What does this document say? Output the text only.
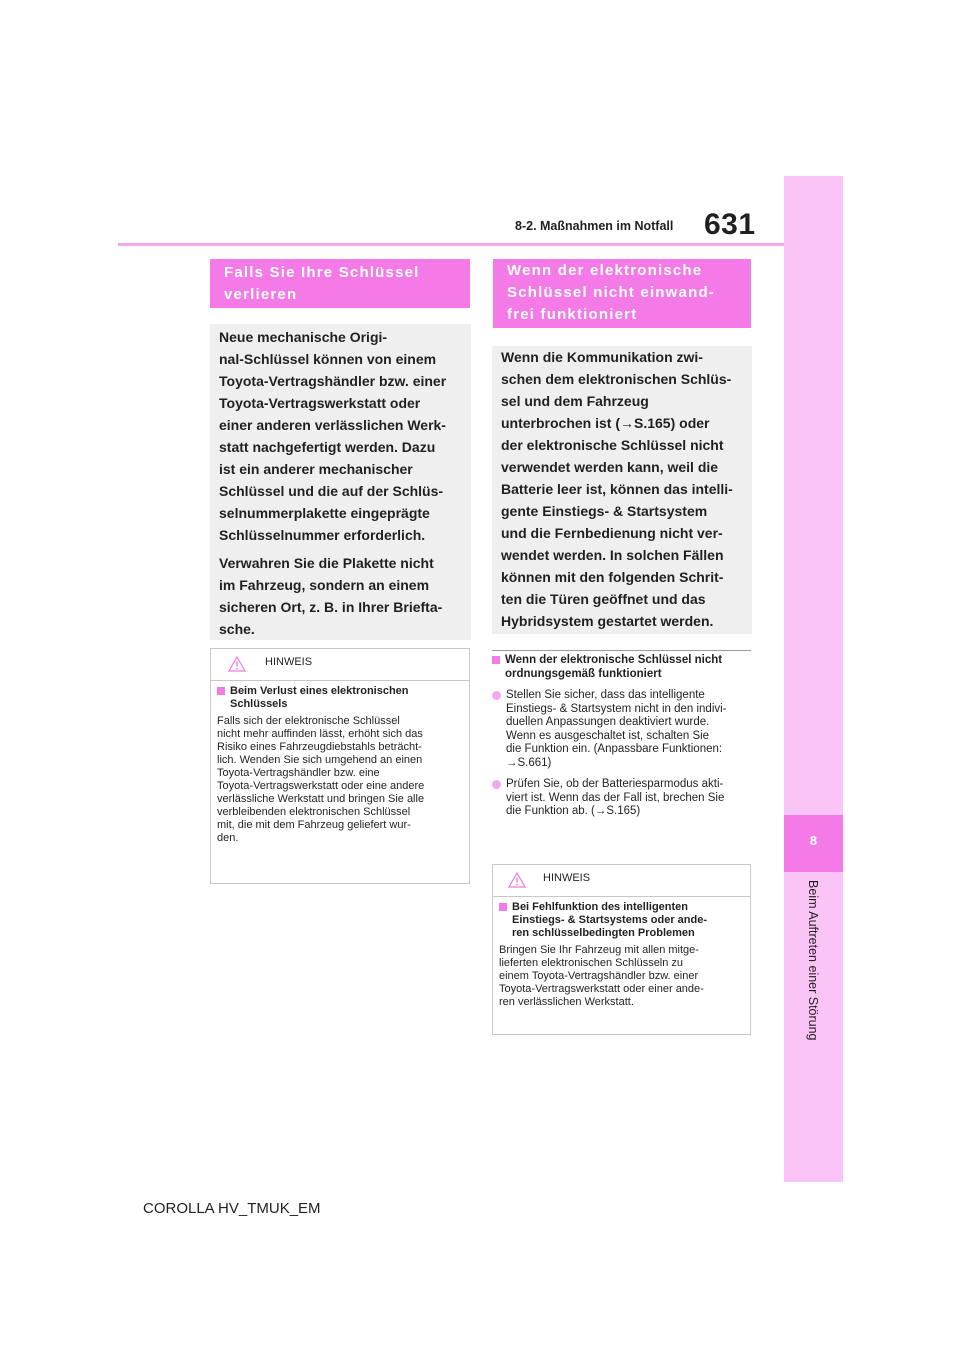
8-2. Maßnahmen im Notfall 631
8
Beim Auftreten einer Störung
Falls Sie Ihre Schlüssel
verlieren

Neue mechanische Origi-
nal-Schlüssel können von einem
Toyota-Vertragshändler bzw. einer
Toyota-Vertragswerkstatt oder
einer anderen verlässlichen Werk-
statt nachgefertigt werden. Dazu
ist ein anderer mechanischer
Schlüssel und die auf der Schlüs-
selnummerplakette eingeprägte
Schlüsselnummer erforderlich.

Verwahren Sie die Plakette nicht
im Fahrzeug, sondern an einem
sicheren Ort, z. B. in Ihrer Briefta-
sche.

HINWEIS
Beim Verlust eines elektronischen
Schlüssels
Falls sich der elektronische Schlüssel
nicht mehr auffinden lässt, erhöht sich das
Risiko eines Fahrzeugdiebstahls beträcht-
lich. Wenden Sie sich umgehend an einen
Toyota-Vertragshändler bzw. eine
Toyota-Vertragswerkstatt oder eine andere
verlässliche Werkstatt und bringen Sie alle
verbleibenden elektronischen Schlüssel
mit, die mit dem Fahrzeug geliefert wur-
den.
Wenn der elektronische
Schlüssel nicht einwand-
frei funktioniert

Wenn die Kommunikation zwi-
schen dem elektronischen Schlüs-
sel und dem Fahrzeug
unterbrochen ist (→S.165) oder
der elektronische Schlüssel nicht
verwendet werden kann, weil die
Batterie leer ist, können das intelli-
gente Einstiegs- & Startsystem
und die Fernbedienung nicht ver-
wendet werden. In solchen Fällen
können mit den folgenden Schrit-
ten die Türen geöffnet und das
Hybridsystem gestartet werden.

Wenn der elektronische Schlüssel nicht
ordnungsgemäß funktioniert
Stellen Sie sicher, dass das intelligente
Einstiegs- & Startsystem nicht in den indivi-
duellen Anpassungen deaktiviert wurde.
Wenn es ausgeschaltet ist, schalten Sie
die Funktion ein. (Anpassbare Funktionen:
→S.661)
Prüfen Sie, ob der Batteriesparmodus akti-
viert ist. Wenn das der Fall ist, brechen Sie
die Funktion ab. (→S.165)
HINWEIS
Bei Fehlfunktion des intelligenten
Einstiegs- & Startsystems oder ande-
ren schlüsselbedingten Problemen
Bringen Sie Ihr Fahrzeug mit allen mitge-
lieferten elektronischen Schlüsseln zu
einem Toyota-Vertragshändler bzw. einer
Toyota-Vertragswerkstatt oder einer ande-
ren verlässlichen Werkstatt.
COROLLA HV_TMUK_EM
